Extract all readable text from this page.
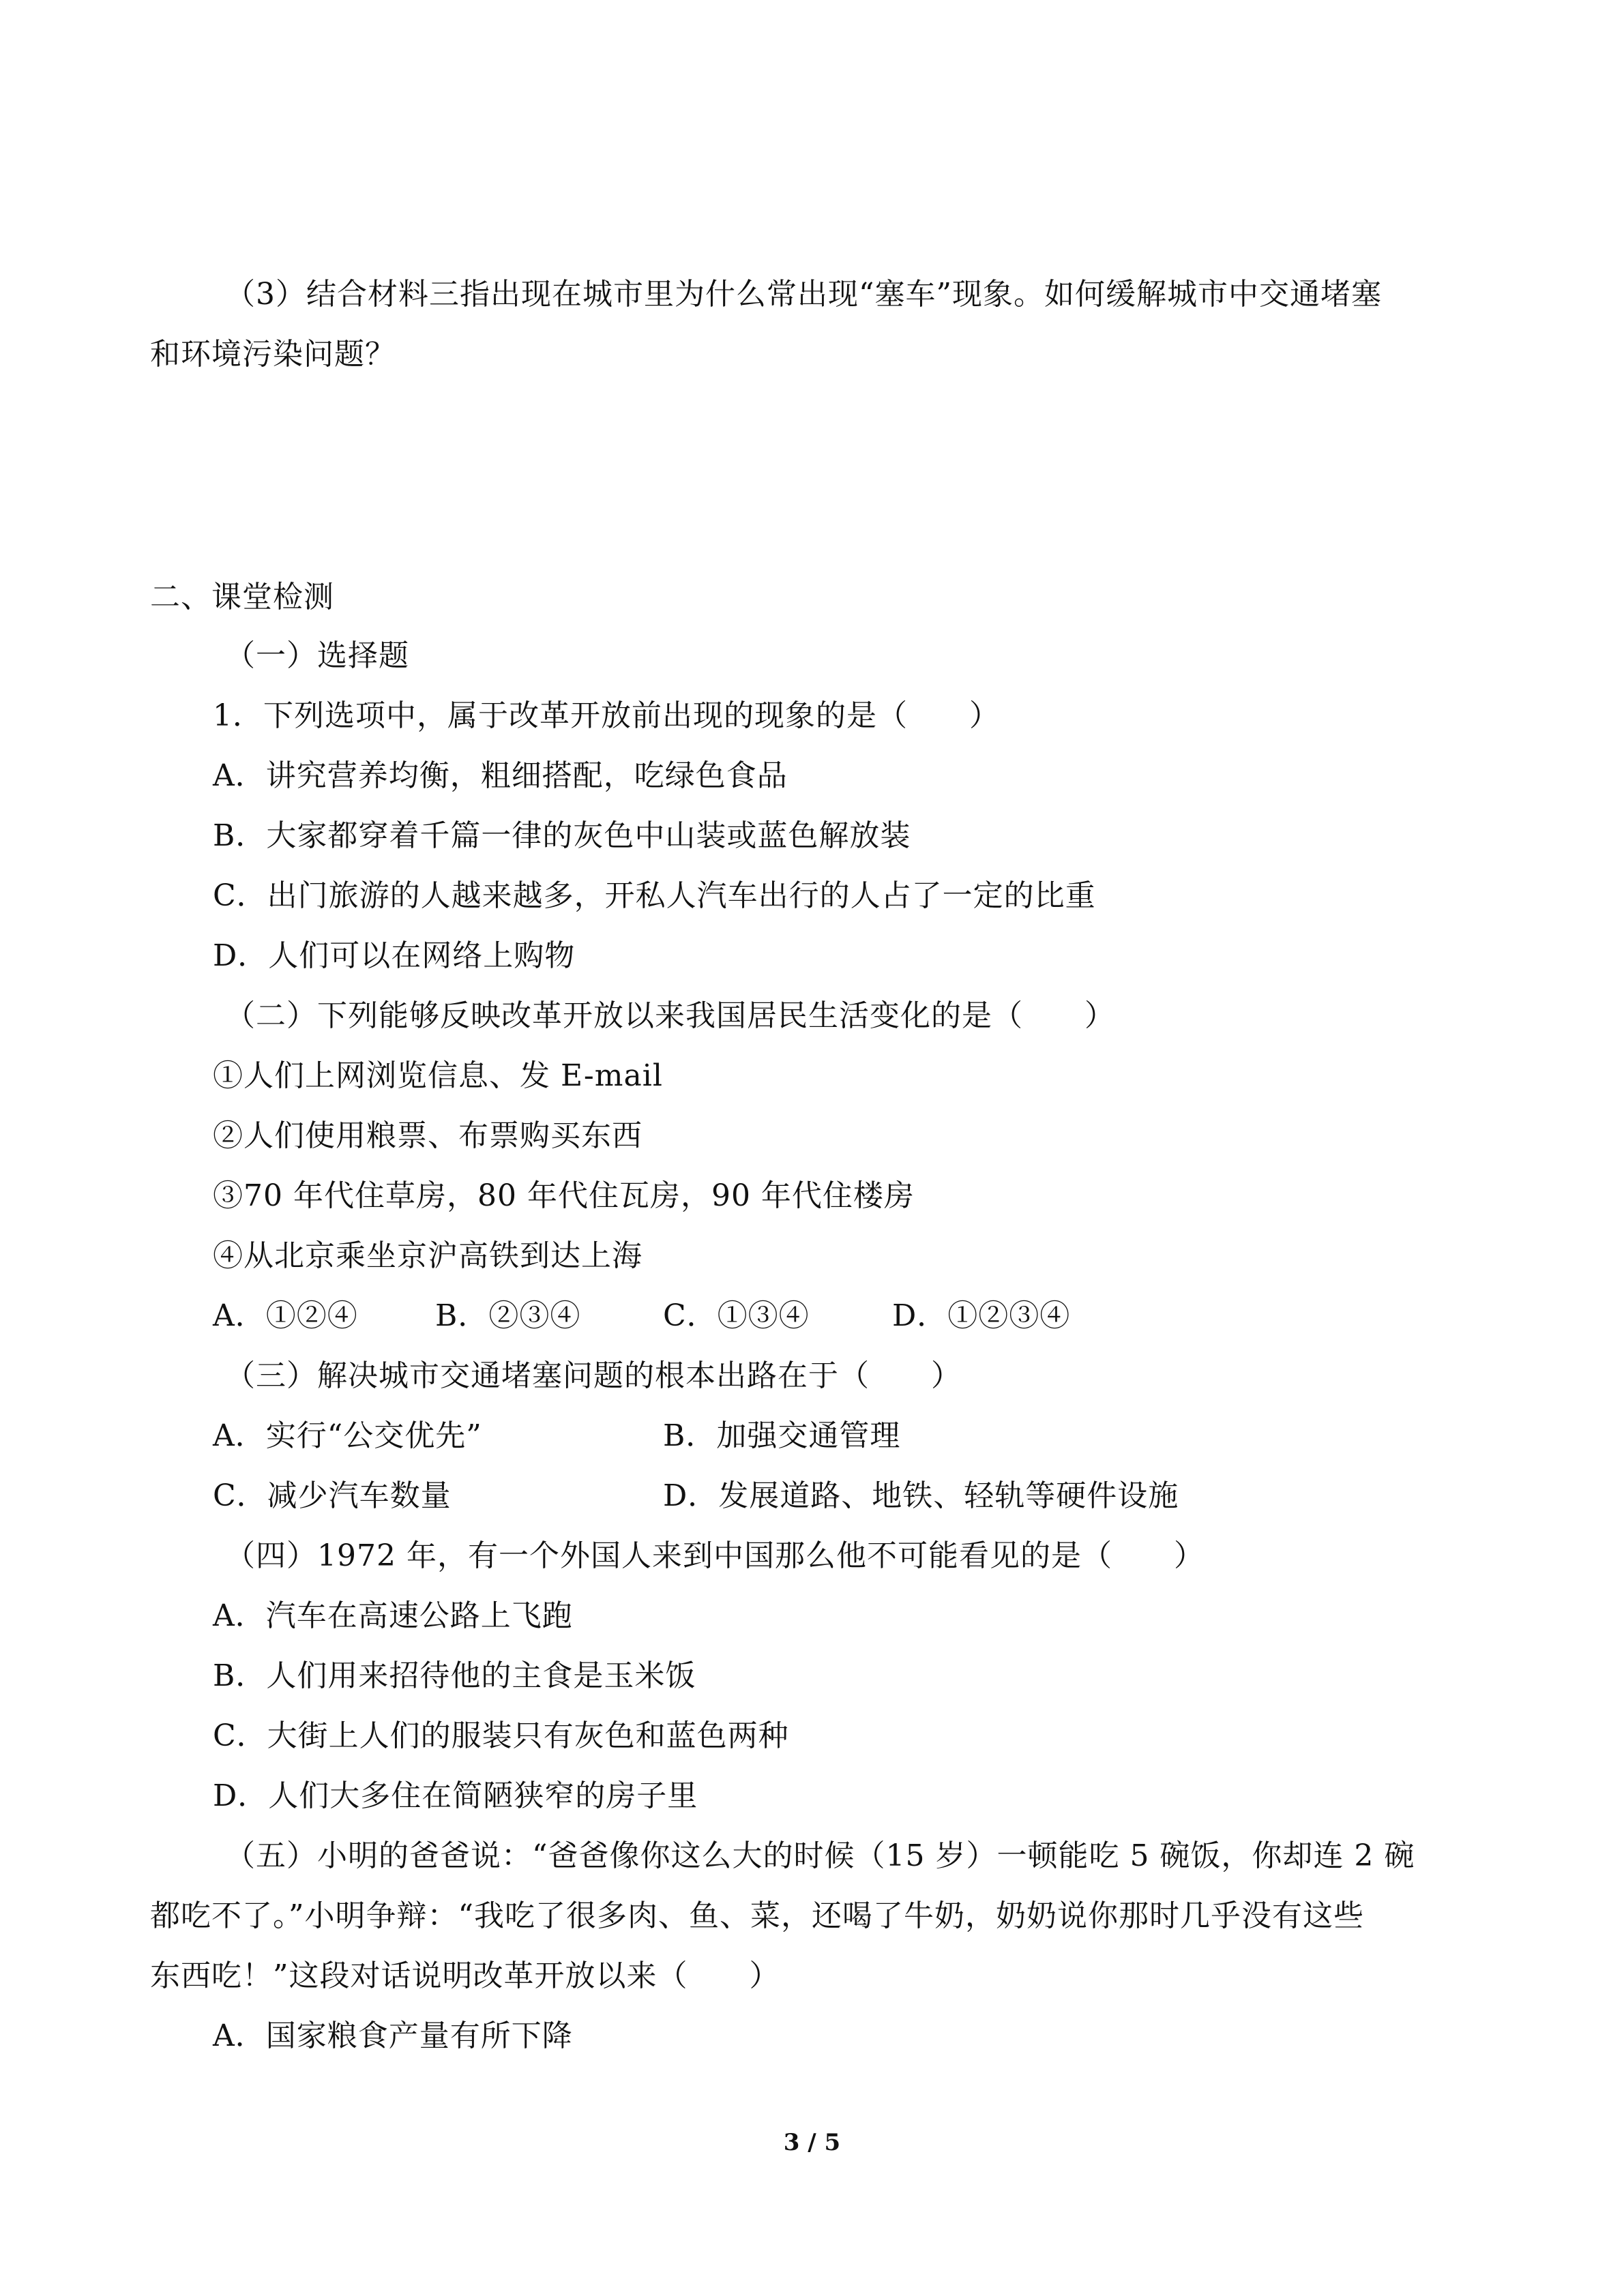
（3）结合材料三指出现在城市里为什么常出现“塞车”现象。如何缓解城市中交通堵塞
和环境污染问题？
二、课堂检测
（一）选择题
1．下列选项中，属于改革开放前出现的现象的是（　　）
A．讲究营养均衡，粗细搭配，吃绿色食品
B．大家都穿着千篇一律的灰色中山装或蓝色解放装
C．出门旅游的人越来越多，开私人汽车出行的人占了一定的比重
D．人们可以在网络上购物
（二）下列能够反映改革开放以来我国居民生活变化的是（　　）
①人们上网浏览信息、发 E-mail
②人们使用粮票、布票购买东西
③70 年代住草房，80 年代住瓦房，90 年代住楼房
④从北京乘坐京沪高铁到达上海
A．①②④	B．②③④	C．①③④	D．①②③④
（三）解决城市交通堵塞问题的根本出路在于（　　）
A．实行“公交优先”	B．加强交通管理
C．减少汽车数量	D．发展道路、地铁、轻轨等硬件设施
（四）1972 年，有一个外国人来到中国那么他不可能看见的是（　　）
A．汽车在高速公路上飞跑
B．人们用来招待他的主食是玉米饭
C．大街上人们的服装只有灰色和蓝色两种
D．人们大多住在简陋狭窄的房子里
（五）小明的爸爸说：“爸爸像你这么大的时候（15 岁）一顿能吃 5 碗饭，你却连 2 碗
都吃不了。”小明争辩：“我吃了很多肉、鱼、菜，还喝了牛奶，奶奶说你那时几乎没有这些
东西吃！”这段对话说明改革开放以来（　　）
A．国家粮食产量有所下降
3 / 5
